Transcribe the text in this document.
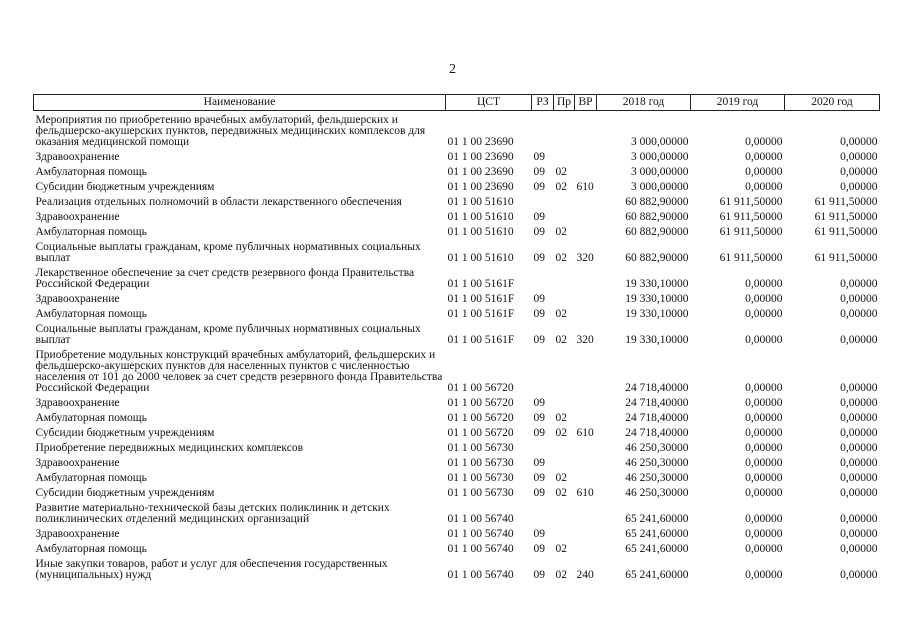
2
Наименование	ЦСТ	РЗ	Пр	ВР	2018 год	2019 год	2020 год
Мероприятия по приобретению врачебных амбулаторий, фельдшерских и фельдшерско-акушерских пунктов, передвижных медицинских комплексов для оказания медицинской помощи	01 1 00 23690				3 000,00000	0,00000	0,00000
Здравоохранение	01 1 00 23690	09			3 000,00000	0,00000	0,00000
Амбулаторная помощь	01 1 00 23690	09	02		3 000,00000	0,00000	0,00000
Субсидии бюджетным учреждениям	01 1 00 23690	09	02	610	3 000,00000	0,00000	0,00000
Реализация отдельных полномочий в области лекарственного обеспечения	01 1 00 51610				60 882,90000	61 911,50000	61 911,50000
Здравоохранение	01 1 00 51610	09			60 882,90000	61 911,50000	61 911,50000
Амбулаторная помощь	01 1 00 51610	09	02		60 882,90000	61 911,50000	61 911,50000
Социальные выплаты гражданам, кроме публичных нормативных социальных выплат	01 1 00 51610	09	02	320	60 882,90000	61 911,50000	61 911,50000
Лекарственное обеспечение за счет средств резервного фонда Правительства Российской Федерации	01 1 00 5161F				19 330,10000	0,00000	0,00000
Здравоохранение	01 1 00 5161F	09			19 330,10000	0,00000	0,00000
Амбулаторная помощь	01 1 00 5161F	09	02		19 330,10000	0,00000	0,00000
Социальные выплаты гражданам, кроме публичных нормативных социальных выплат	01 1 00 5161F	09	02	320	19 330,10000	0,00000	0,00000
Приобретение модульных конструкций врачебных амбулаторий, фельдшерских и фельдшерско-акушерских пунктов для населенных пунктов с численностью населения от 101 до 2000 человек за счет средств резервного фонда Правительства Российской Федерации	01 1 00 56720				24 718,40000	0,00000	0,00000
Здравоохранение	01 1 00 56720	09			24 718,40000	0,00000	0,00000
Амбулаторная помощь	01 1 00 56720	09	02		24 718,40000	0,00000	0,00000
Субсидии бюджетным учреждениям	01 1 00 56720	09	02	610	24 718,40000	0,00000	0,00000
Приобретение передвижных медицинских комплексов	01 1 00 56730				46 250,30000	0,00000	0,00000
Здравоохранение	01 1 00 56730	09			46 250,30000	0,00000	0,00000
Амбулаторная помощь	01 1 00 56730	09	02		46 250,30000	0,00000	0,00000
Субсидии бюджетным учреждениям	01 1 00 56730	09	02	610	46 250,30000	0,00000	0,00000
Развитие материально-технической базы детских поликлиник и детских поликлинических отделений медицинских организаций	01 1 00 56740				65 241,60000	0,00000	0,00000
Здравоохранение	01 1 00 56740	09			65 241,60000	0,00000	0,00000
Амбулаторная помощь	01 1 00 56740	09	02		65 241,60000	0,00000	0,00000
Иные закупки товаров, работ и услуг для обеспечения государственных (муниципальных) нужд	01 1 00 56740	09	02	240	65 241,60000	0,00000	0,00000
